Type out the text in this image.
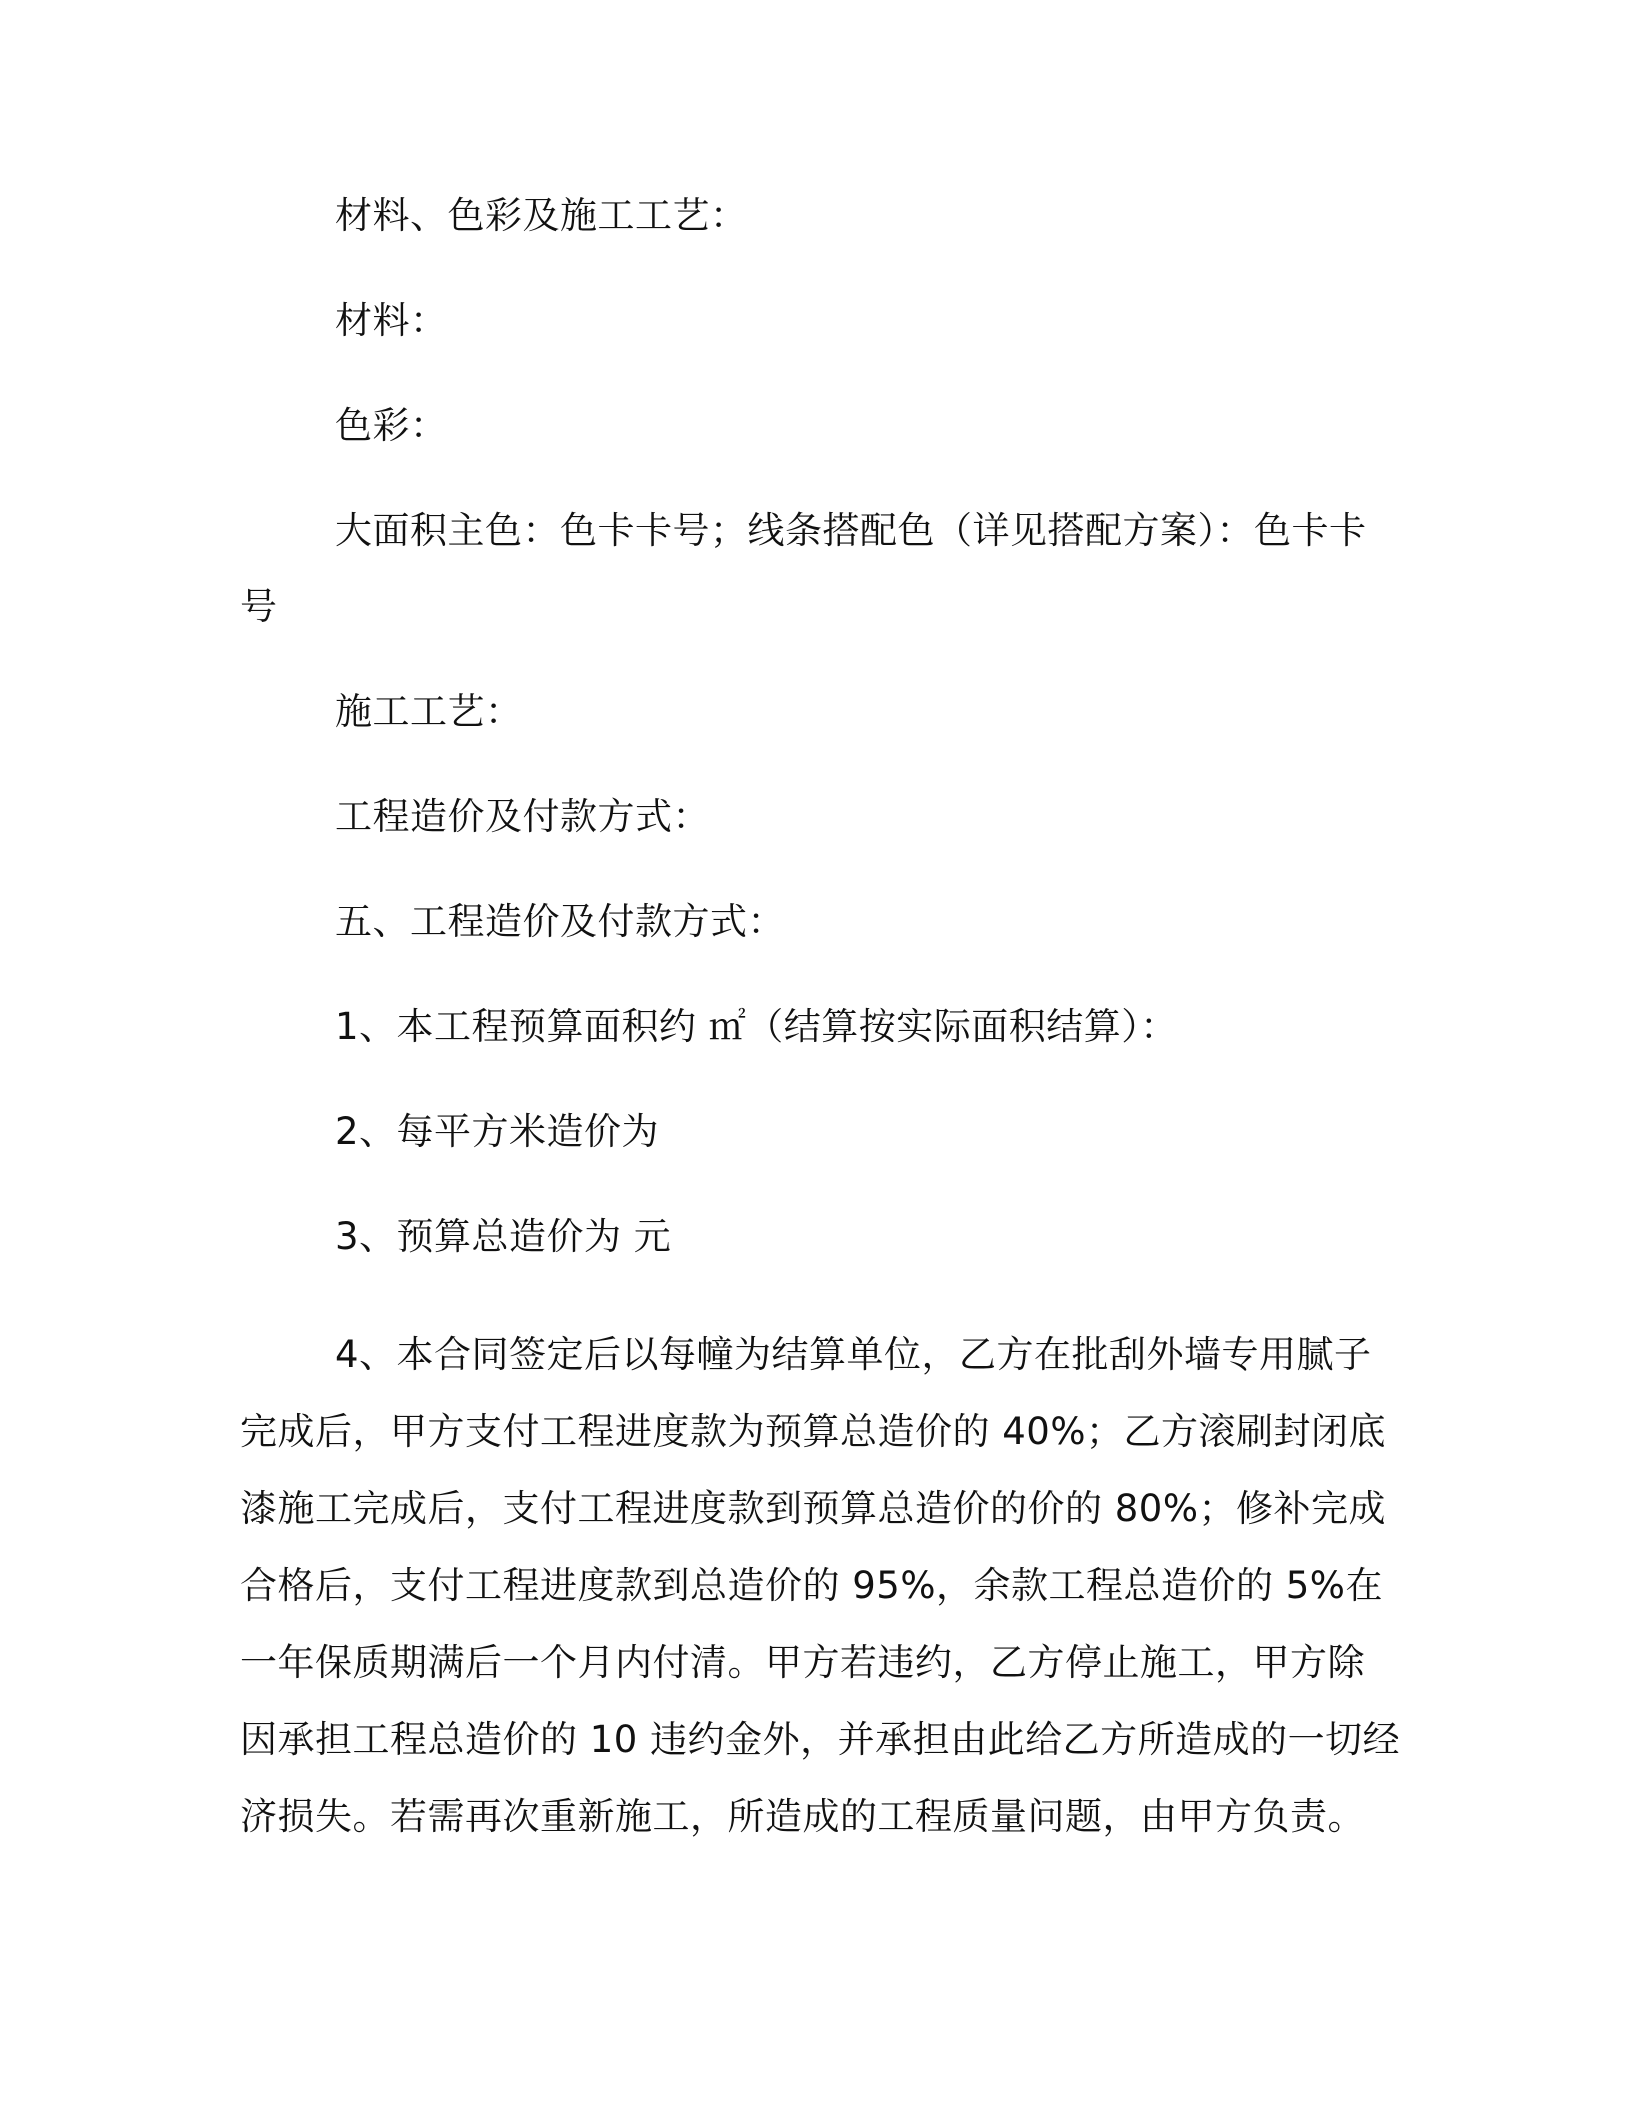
材料、色彩及施工工艺：

材料：

色彩：

大面积主色：色卡卡号；线条搭配色（详见搭配方案）：色卡卡

号

施工工艺：

工程造价及付款方式：

五、工程造价及付款方式：

1、本工程预算面积约 ㎡（结算按实际面积结算）：

2、每平方米造价为

3、预算总造价为 元

4、本合同签定后以每幢为结算单位，乙方在批刮外墙专用腻子
完成后，甲方支付工程进度款为预算总造价的 40%；乙方滚刷封闭底
漆施工完成后，支付工程进度款到预算总造价的价的 80%；修补完成
合格后，支付工程进度款到总造价的 95%，余款工程总造价的 5%在
一年保质期满后一个月内付清。甲方若违约，乙方停止施工，甲方除
因承担工程总造价的 10 违约金外，并承担由此给乙方所造成的一切经
济损失。若需再次重新施工，所造成的工程质量问题，由甲方负责。
